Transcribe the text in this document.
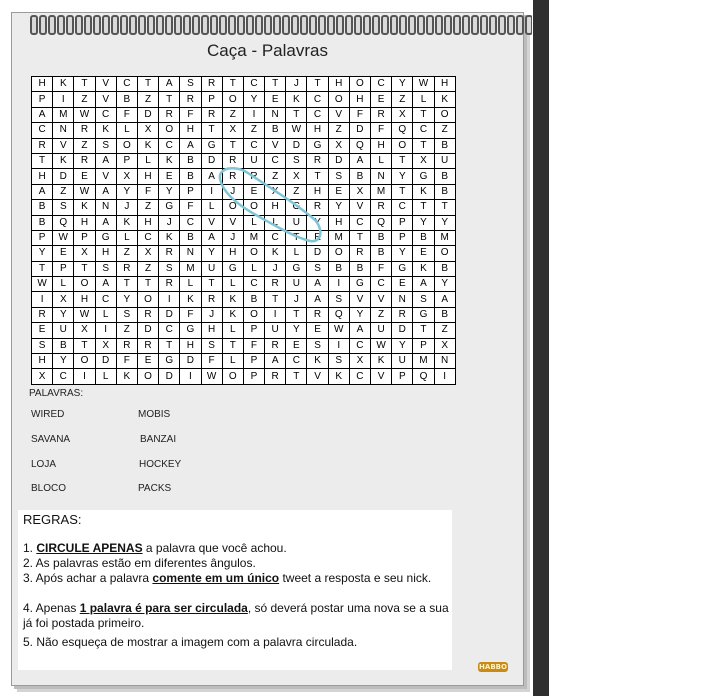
Caça - Palavras
H	K	T	V	C	T	A	S	R	T	C	T	J	T	H	O	C	Y	W	H
P	I	Z	V	B	Z	T	R	P	O	Y	E	K	C	O	H	E	Z	L	K
A	M	W	C	F	D	R	F	R	Z	I	N	T	C	V	F	R	X	T	O
C	N	R	K	L	X	O	H	T	X	Z	B	W	H	Z	D	F	Q	C	Z
R	V	Z	S	O	K	C	A	G	T	C	V	D	G	X	Q	H	O	T	B
T	K	R	A	P	L	K	B	D	R	U	C	S	R	D	A	L	T	X	U
H	D	E	V	X	H	E	B	A	R	R	Z	X	T	S	B	N	Y	G	B
A	Z	W	A	Y	F	Y	P	I	J	E	X	Z	H	E	X	M	T	K	B
B	S	K	N	J	Z	G	F	L	O	O	H	G	R	Y	V	R	C	T	T
B	Q	H	A	K	H	J	C	V	V	L	L	U	Y	H	C	Q	P	Y	Y
P	W	P	G	L	C	K	B	A	J	M	C	T	E	M	T	B	P	B	M
Y	E	X	H	Z	X	R	N	Y	H	O	K	L	D	O	R	B	Y	E	O
T	P	T	S	R	Z	S	M	U	G	L	J	G	S	B	B	F	G	K	B
W	L	O	A	T	T	R	L	T	L	C	R	U	A	I	G	C	E	A	Y
I	X	H	C	Y	O	I	K	R	K	B	T	J	A	S	V	V	N	S	A
R	Y	W	L	S	R	D	F	J	K	O	I	T	R	Q	Y	Z	R	G	B
E	U	X	I	Z	D	C	G	H	L	P	U	Y	E	W	A	U	D	T	Z
S	B	T	X	R	R	T	H	S	T	F	R	E	S	I	C	W	Y	P	X
H	Y	O	D	F	E	G	D	F	L	P	A	C	K	S	X	K	U	M	N
X	C	I	L	K	O	D	I	W	O	P	R	T	V	K	C	V	P	Q	I
PALAVRAS:
WIRED	MOBIS
SAVANA	BANZAI
LOJA	HOCKEY
BLOCO	PACKS
REGRAS:
1. CIRCULE APENAS a palavra que você achou.
2. As palavras estão em diferentes ângulos.
3. Após achar a palavra comente em um único tweet a resposta e seu nick.
4. Apenas 1 palavra é para ser circulada, só deverá postar uma nova se a sua já foi postada primeiro.
5. Não esqueça de mostrar a imagem com a palavra circulada.
HABBO
